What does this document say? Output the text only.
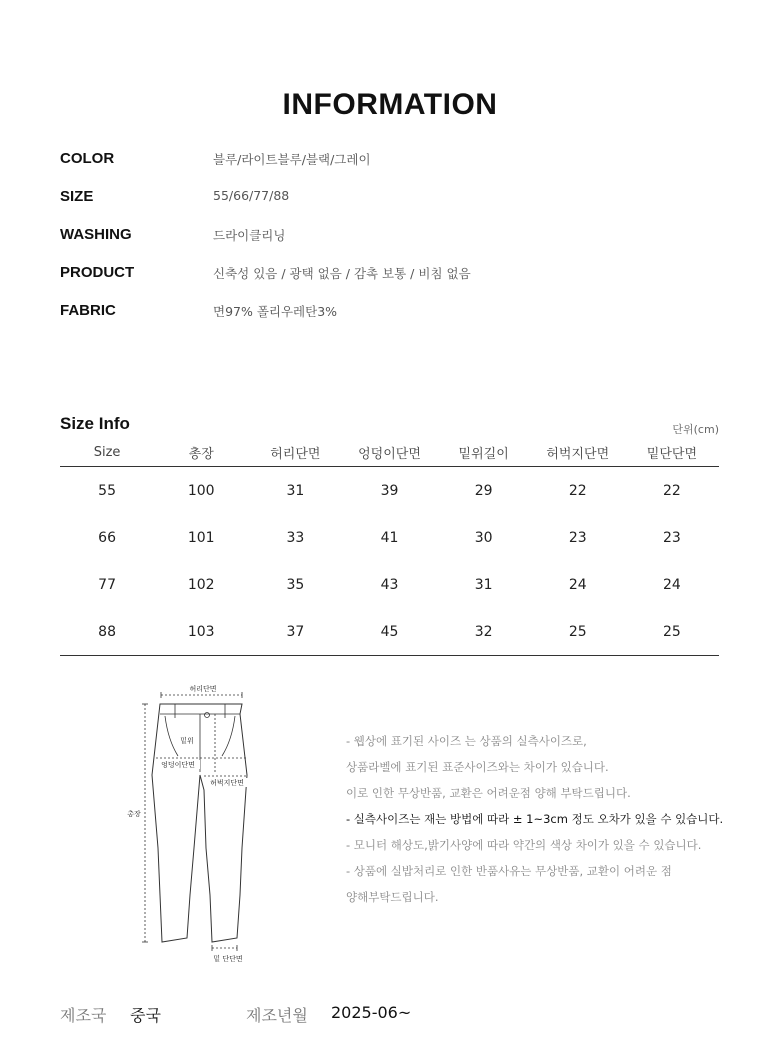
INFORMATION
COLOR	블루/라이트블루/블랙/그레이
SIZE	55/66/77/88
WASHING	드라이클리닝
PRODUCT	신축성 있음 / 광택 없음 / 감촉 보통 / 비침 없음
FABRIC	면97% 폴리우레탄3%
Size Info	단위(cm)
Size	총장	허리단면	엉덩이단면	밑위길이	허벅지단면	밑단단면
55	100	31	39	29	22	22
66	101	33	41	30	23	23
77	102	35	43	31	24	24
88	103	37	45	32	25	25
허리단면
밑위
엉덩이단면
허벅지단면
총장
밑 단단면
- 웹상에 표기된 사이즈 는 상품의 실측사이즈로,
상품라벨에 표기된 표준사이즈와는 차이가 있습니다.
이로 인한 무상반품, 교환은 어려운점 양해 부탁드립니다.
- 실측사이즈는 재는 방법에 따라 ± 1~3cm 정도 오차가 있을 수 있습니다.
- 모니터 해상도,밝기사양에 따라 약간의 색상 차이가 있을 수 있습니다.
- 상품에 실밥처리로 인한 반품사유는 무상반품, 교환이 어려운 점
양해부탁드립니다.
제조국 중국	제조년월 2025-06~
